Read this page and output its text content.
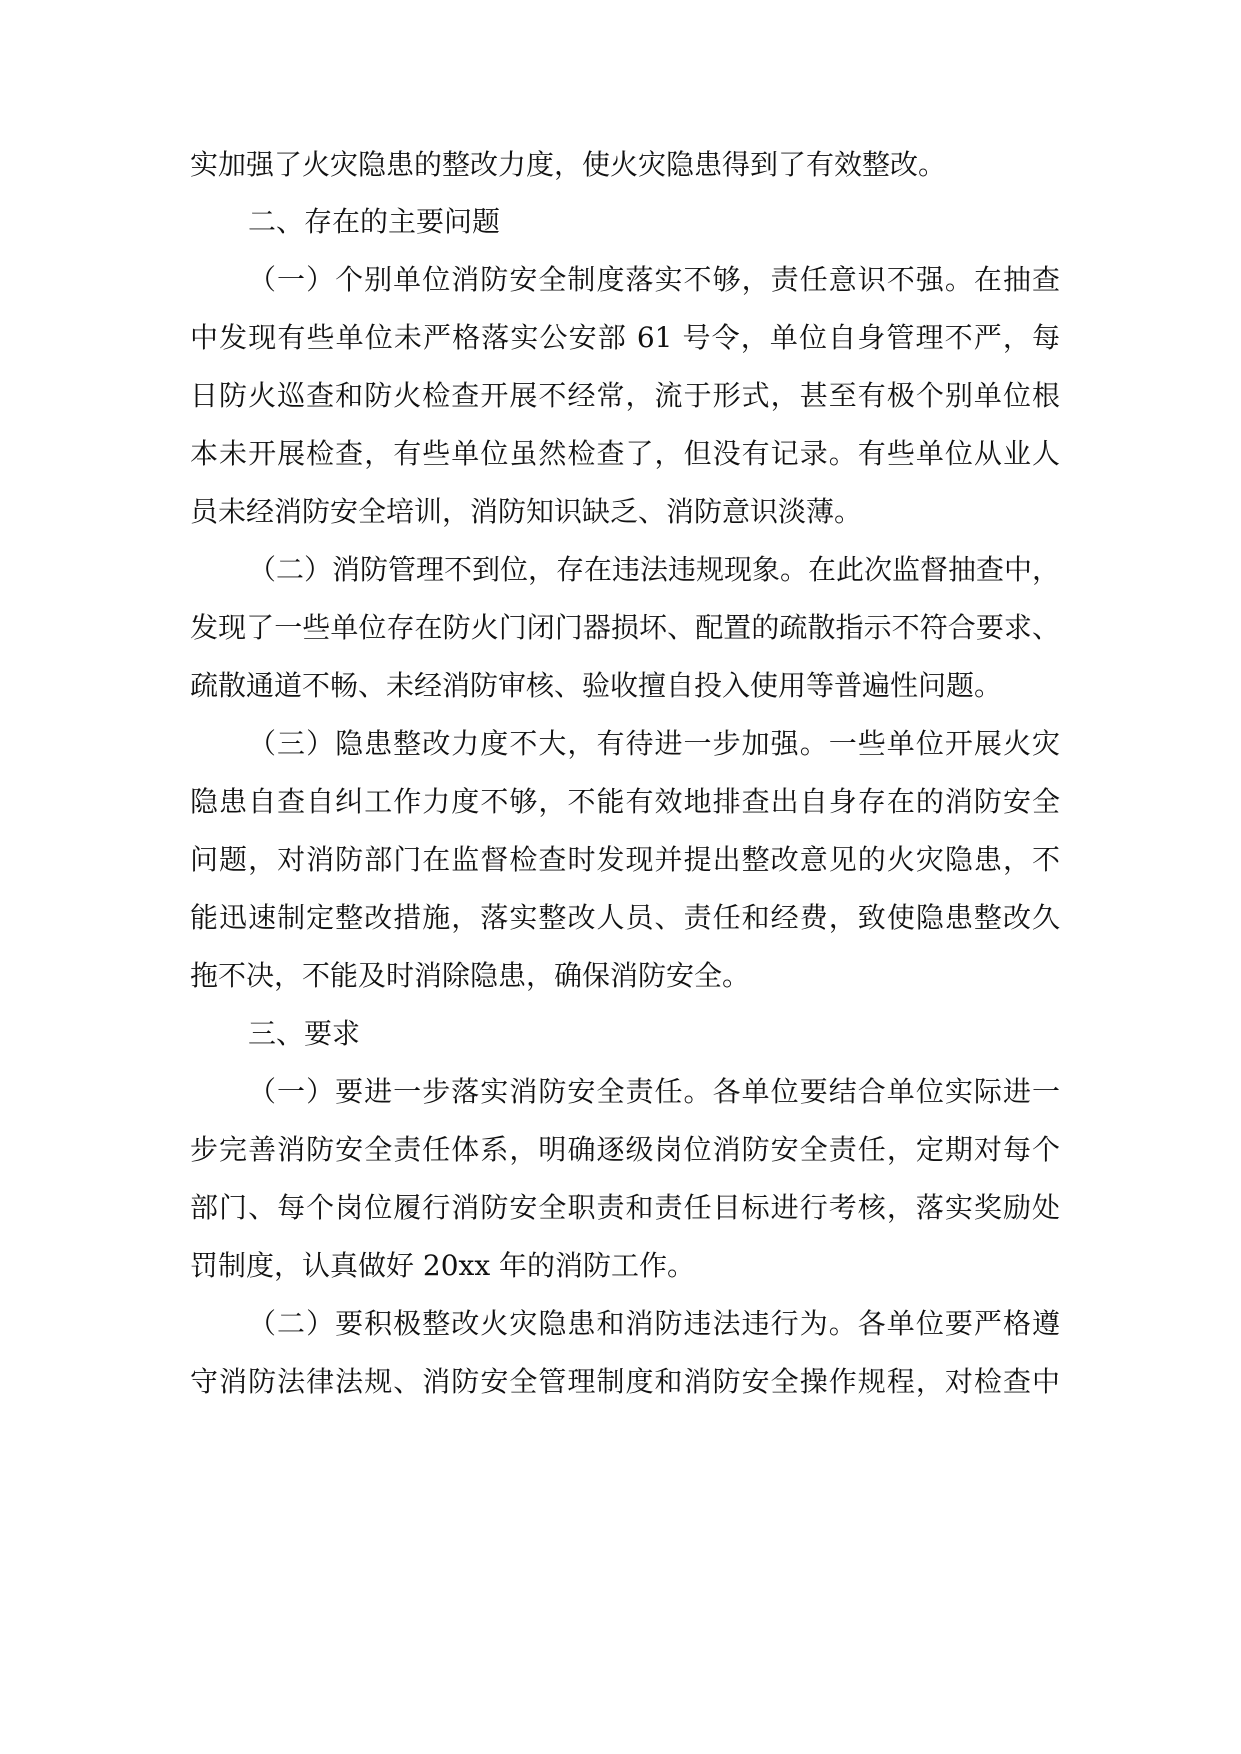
实加强了火灾隐患的整改力度，使火灾隐患得到了有效整改。

二、存在的主要问题

（一）个别单位消防安全制度落实不够，责任意识不强。在抽查

中发现有些单位未严格落实公安部 61 号令，单位自身管理不严，每

日防火巡查和防火检查开展不经常，流于形式，甚至有极个别单位根

本未开展检查，有些单位虽然检查了，但没有记录。有些单位从业人

员未经消防安全培训，消防知识缺乏、消防意识淡薄。

（二）消防管理不到位，存在违法违规现象。在此次监督抽查中，

发现了一些单位存在防火门闭门器损坏、配置的疏散指示不符合要求、

疏散通道不畅、未经消防审核、验收擅自投入使用等普遍性问题。

（三）隐患整改力度不大，有待进一步加强。一些单位开展火灾

隐患自查自纠工作力度不够，不能有效地排查出自身存在的消防安全

问题，对消防部门在监督检查时发现并提出整改意见的火灾隐患，不

能迅速制定整改措施，落实整改人员、责任和经费，致使隐患整改久

拖不决，不能及时消除隐患，确保消防安全。

三、要求

（一）要进一步落实消防安全责任。各单位要结合单位实际进一

步完善消防安全责任体系，明确逐级岗位消防安全责任，定期对每个

部门、每个岗位履行消防安全职责和责任目标进行考核，落实奖励处

罚制度，认真做好 20xx 年的消防工作。

（二）要积极整改火灾隐患和消防违法违行为。各单位要严格遵

守消防法律法规、消防安全管理制度和消防安全操作规程，对检查中
